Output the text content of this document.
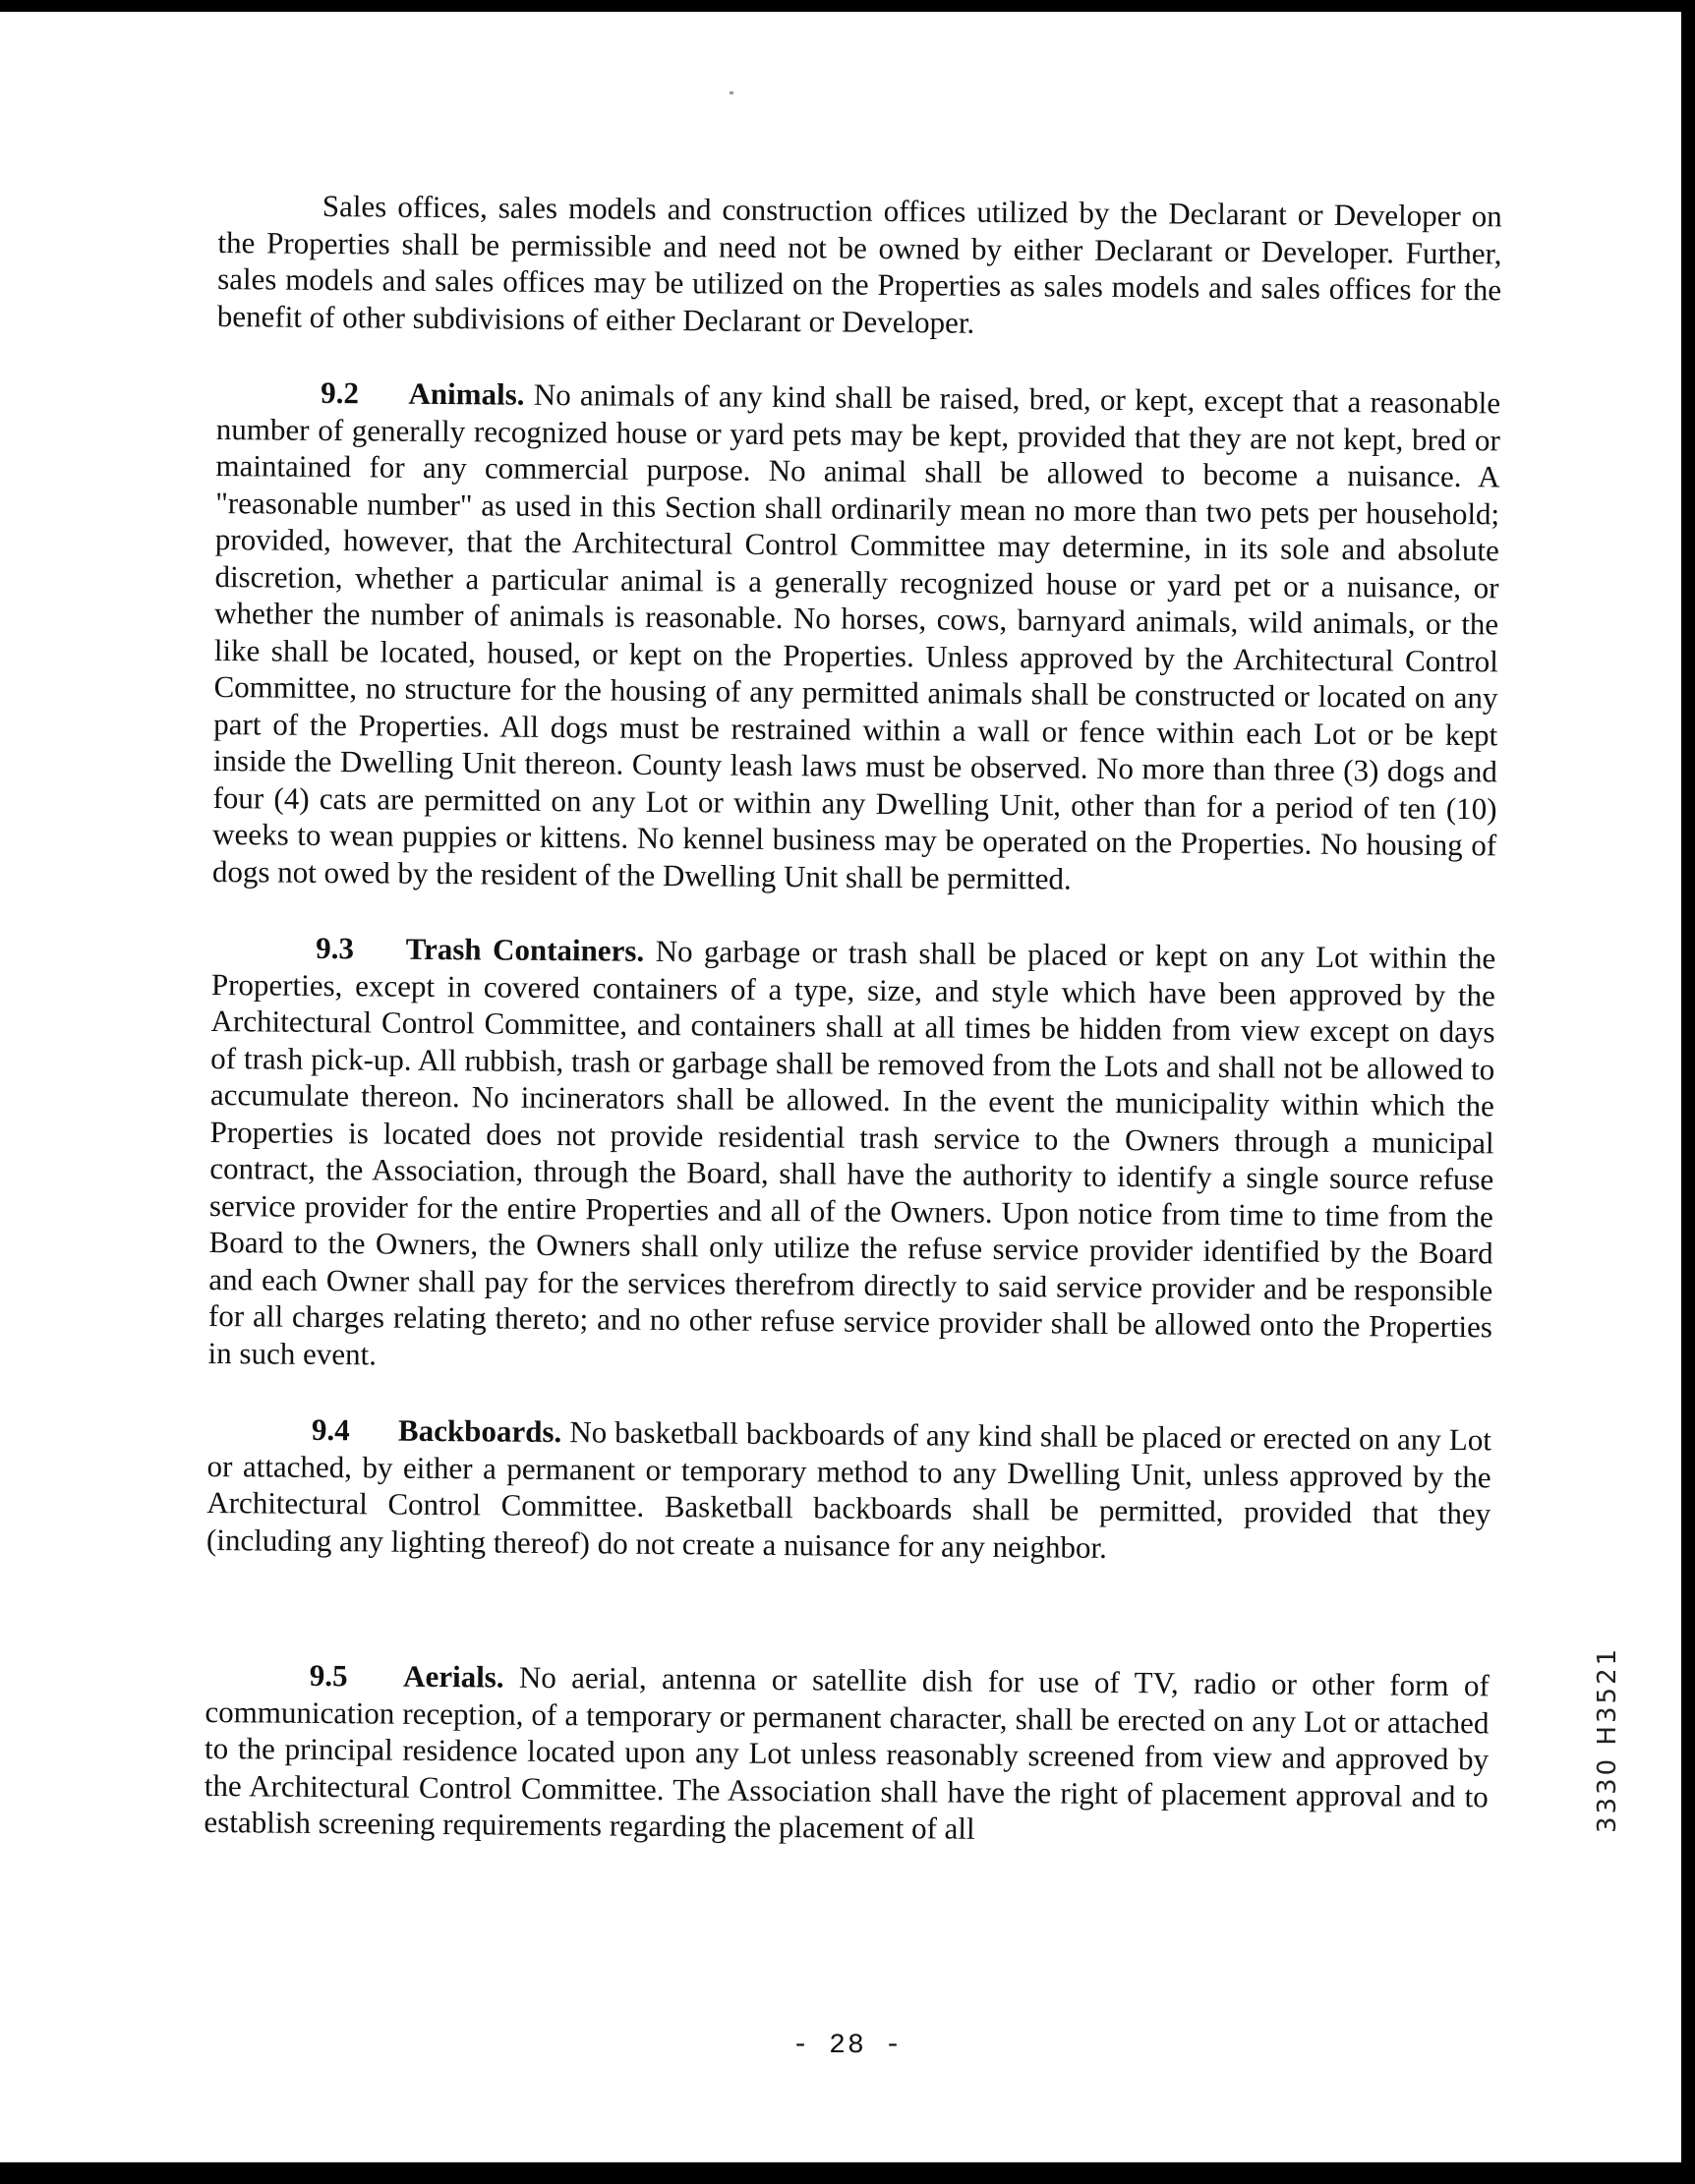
Sales offices, sales models and construction offices utilized by the Declarant or Developer on the Properties shall be permissible and need not be owned by either Declarant or Developer. Further, sales models and sales offices may be utilized on the Properties as sales models and sales offices for the benefit of other subdivisions of either Declarant or Developer.

9.2 Animals. No animals of any kind shall be raised, bred, or kept, except that a reasonable number of generally recognized house or yard pets may be kept, provided that they are not kept, bred or maintained for any commercial purpose. No animal shall be allowed to become a nuisance. A "reasonable number" as used in this Section shall ordinarily mean no more than two pets per household; provided, however, that the Architectural Control Committee may determine, in its sole and absolute discretion, whether a particular animal is a generally recognized house or yard pet or a nuisance, or whether the number of animals is reasonable. No horses, cows, barnyard animals, wild animals, or the like shall be located, housed, or kept on the Properties. Unless approved by the Architectural Control Committee, no structure for the housing of any permitted animals shall be constructed or located on any part of the Properties. All dogs must be restrained within a wall or fence within each Lot or be kept inside the Dwelling Unit thereon. County leash laws must be observed. No more than three (3) dogs and four (4) cats are permitted on any Lot or within any Dwelling Unit, other than for a period of ten (10) weeks to wean puppies or kittens. No kennel business may be operated on the Properties. No housing of dogs not owed by the resident of the Dwelling Unit shall be permitted.

9.3 Trash Containers. No garbage or trash shall be placed or kept on any Lot within the Properties, except in covered containers of a type, size, and style which have been approved by the Architectural Control Committee, and containers shall at all times be hidden from view except on days of trash pick-up. All rubbish, trash or garbage shall be removed from the Lots and shall not be allowed to accumulate thereon. No incinerators shall be allowed. In the event the municipality within which the Properties is located does not provide residential trash service to the Owners through a municipal contract, the Association, through the Board, shall have the authority to identify a single source refuse service provider for the entire Properties and all of the Owners. Upon notice from time to time from the Board to the Owners, the Owners shall only utilize the refuse service provider identified by the Board and each Owner shall pay for the services therefrom directly to said service provider and be responsible for all charges relating thereto; and no other refuse service provider shall be allowed onto the Properties in such event.

9.4 Backboards. No basketball backboards of any kind shall be placed or erected on any Lot or attached, by either a permanent or temporary method to any Dwelling Unit, unless approved by the Architectural Control Committee. Basketball backboards shall be permitted, provided that they (including any lighting thereof) do not create a nuisance for any neighbor.

9.5 Aerials. No aerial, antenna or satellite dish for use of TV, radio or other form of communication reception, of a temporary or permanent character, shall be erected on any Lot or attached to the principal residence located upon any Lot unless reasonably screened from view and approved by the Architectural Control Committee. The Association shall have the right of placement approval and to establish screening requirements regarding the placement of all	3330 H3521
- 28 -
